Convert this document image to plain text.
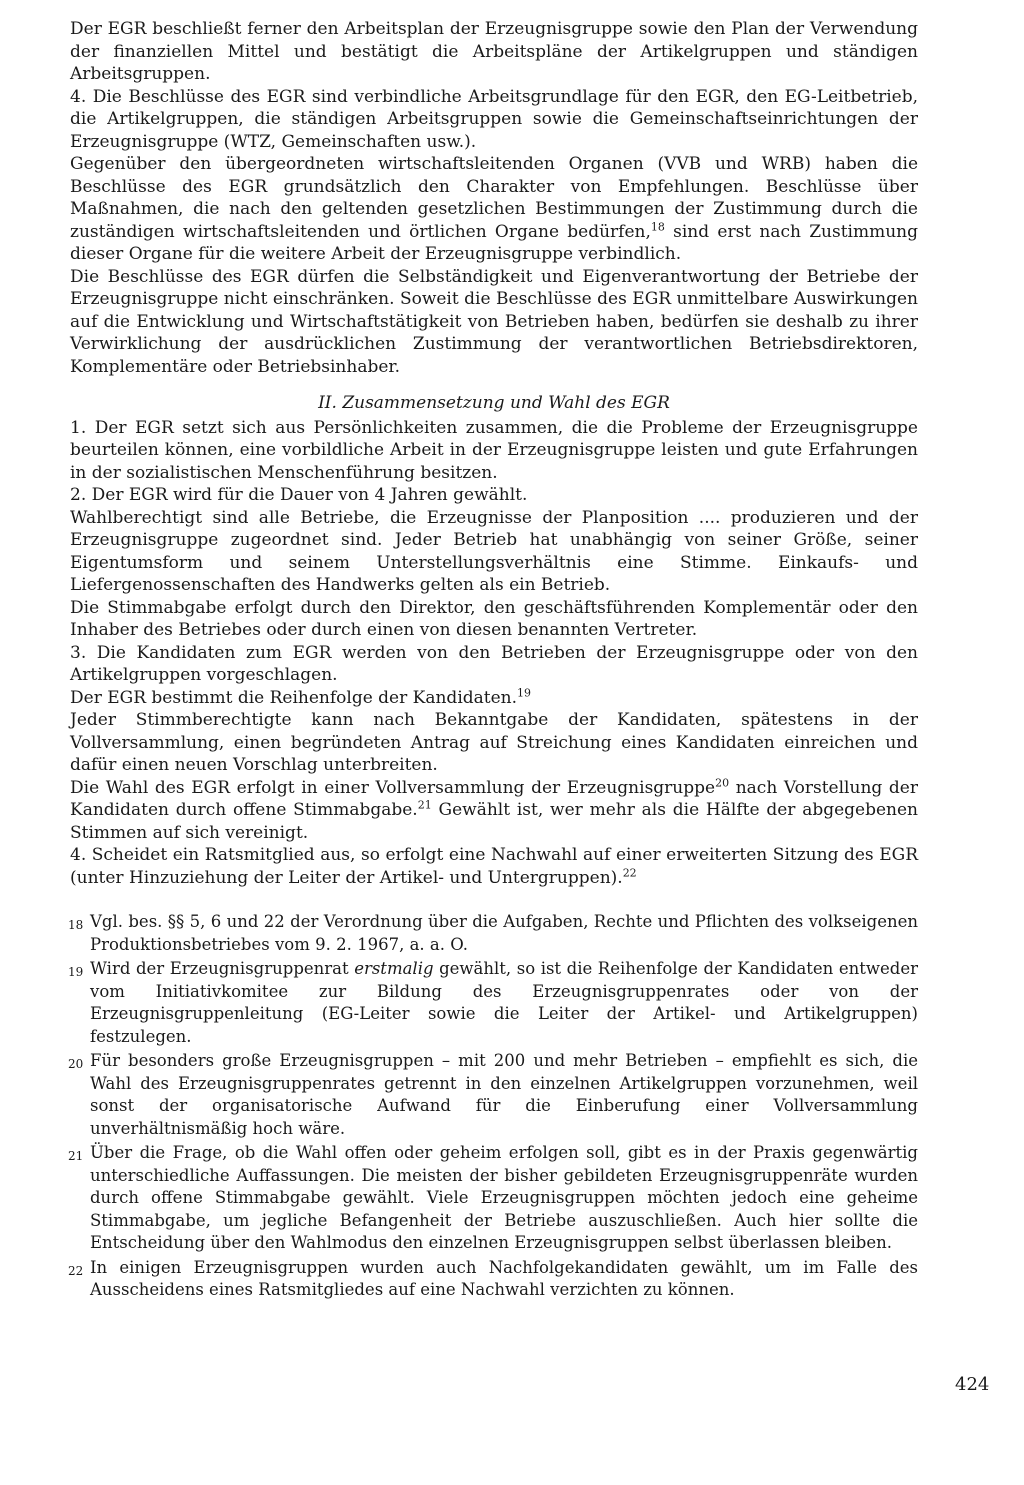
Der EGR beschließt ferner den Arbeitsplan der Erzeugnisgruppe sowie den Plan der Verwendung der finanziellen Mittel und bestätigt die Arbeitspläne der Artikelgruppen und ständigen Arbeitsgruppen.

4. Die Beschlüsse des EGR sind verbindliche Arbeitsgrundlage für den EGR, den EG-Leitbetrieb, die Artikelgruppen, die ständigen Arbeitsgruppen sowie die Gemeinschaftseinrichtungen der Erzeugnisgruppe (WTZ, Gemeinschaften usw.).

Gegenüber den übergeordneten wirtschaftsleitenden Organen (VVB und WRB) haben die Beschlüsse des EGR grundsätzlich den Charakter von Empfehlungen. Beschlüsse über Maßnahmen, die nach den geltenden gesetzlichen Bestimmungen der Zustimmung durch die zuständigen wirtschaftsleitenden und örtlichen Organe bedürfen,$^{18}$ sind erst nach Zustimmung dieser Organe für die weitere Arbeit der Erzeugnisgruppe verbindlich.

Die Beschlüsse des EGR dürfen die Selbständigkeit und Eigenverantwortung der Betriebe der Erzeugnisgruppe nicht einschränken. Soweit die Beschlüsse des EGR unmittelbare Auswirkungen auf die Entwicklung und Wirtschaftstätigkeit von Betrieben haben, bedürfen sie deshalb zu ihrer Verwirklichung der ausdrücklichen Zustimmung der verantwortlichen Betriebsdirektoren, Komplementäre oder Betriebsinhaber.

II. Zusammensetzung und Wahl des EGR

1. Der EGR setzt sich aus Persönlichkeiten zusammen, die die Probleme der Erzeugnisgruppe beurteilen können, eine vorbildliche Arbeit in der Erzeugnisgruppe leisten und gute Erfahrungen in der sozialistischen Menschenführung besitzen.

2. Der EGR wird für die Dauer von 4 Jahren gewählt.

Wahlberechtigt sind alle Betriebe, die Erzeugnisse der Planposition .... produzieren und der Erzeugnisgruppe zugeordnet sind. Jeder Betrieb hat unabhängig von seiner Größe, seiner Eigentumsform und seinem Unterstellungsverhältnis eine Stimme. Einkaufs- und Liefergenossenschaften des Handwerks gelten als ein Betrieb.

Die Stimmabgabe erfolgt durch den Direktor, den geschäftsführenden Komplementär oder den Inhaber des Betriebes oder durch einen von diesen benannten Vertreter.

3. Die Kandidaten zum EGR werden von den Betrieben der Erzeugnisgruppe oder von den Artikelgruppen vorgeschlagen.

Der EGR bestimmt die Reihenfolge der Kandidaten.$^{19}$

Jeder Stimmberechtigte kann nach Bekanntgabe der Kandidaten, spätestens in der Vollversammlung, einen begründeten Antrag auf Streichung eines Kandidaten einreichen und dafür einen neuen Vorschlag unterbreiten.

Die Wahl des EGR erfolgt in einer Vollversammlung der Erzeugnisgruppe$^{20}$ nach Vorstellung der Kandidaten durch offene Stimmabgabe.$^{21}$ Gewählt ist, wer mehr als die Hälfte der abgegebenen Stimmen auf sich vereinigt.

4. Scheidet ein Ratsmitglied aus, so erfolgt eine Nachwahl auf einer erweiterten Sitzung des EGR (unter Hinzuziehung der Leiter der Artikel- und Untergruppen).$^{22}$

18 Vgl. bes. §§ 5, 6 und 22 der Verordnung über die Aufgaben, Rechte und Pflichten des volkseigenen Produktionsbetriebes vom 9. 2. 1967, a. a. O.

19 Wird der Erzeugnisgruppenrat erstmalig gewählt, so ist die Reihenfolge der Kandidaten entweder vom Initiativkomitee zur Bildung des Erzeugnisgruppenrates oder von der Erzeugnisgruppenleitung (EG-Leiter sowie die Leiter der Artikel- und Artikelgruppen) festzulegen.

20 Für besonders große Erzeugnisgruppen – mit 200 und mehr Betrieben – empfiehlt es sich, die Wahl des Erzeugnisgruppenrates getrennt in den einzelnen Artikelgruppen vorzunehmen, weil sonst der organisatorische Aufwand für die Einberufung einer Vollversammlung unverhältnismäßig hoch wäre.

21 Über die Frage, ob die Wahl offen oder geheim erfolgen soll, gibt es in der Praxis gegenwärtig unterschiedliche Auffassungen. Die meisten der bisher gebildeten Erzeugnisgruppenräte wurden durch offene Stimmabgabe gewählt. Viele Erzeugnisgruppen möchten jedoch eine geheime Stimmabgabe, um jegliche Befangenheit der Betriebe auszuschließen. Auch hier sollte die Entscheidung über den Wahlmodus den einzelnen Erzeugnisgruppen selbst überlassen bleiben.

22 In einigen Erzeugnisgruppen wurden auch Nachfolgekandidaten gewählt, um im Falle des Ausscheidens eines Ratsmitgliedes auf eine Nachwahl verzichten zu können.

424
